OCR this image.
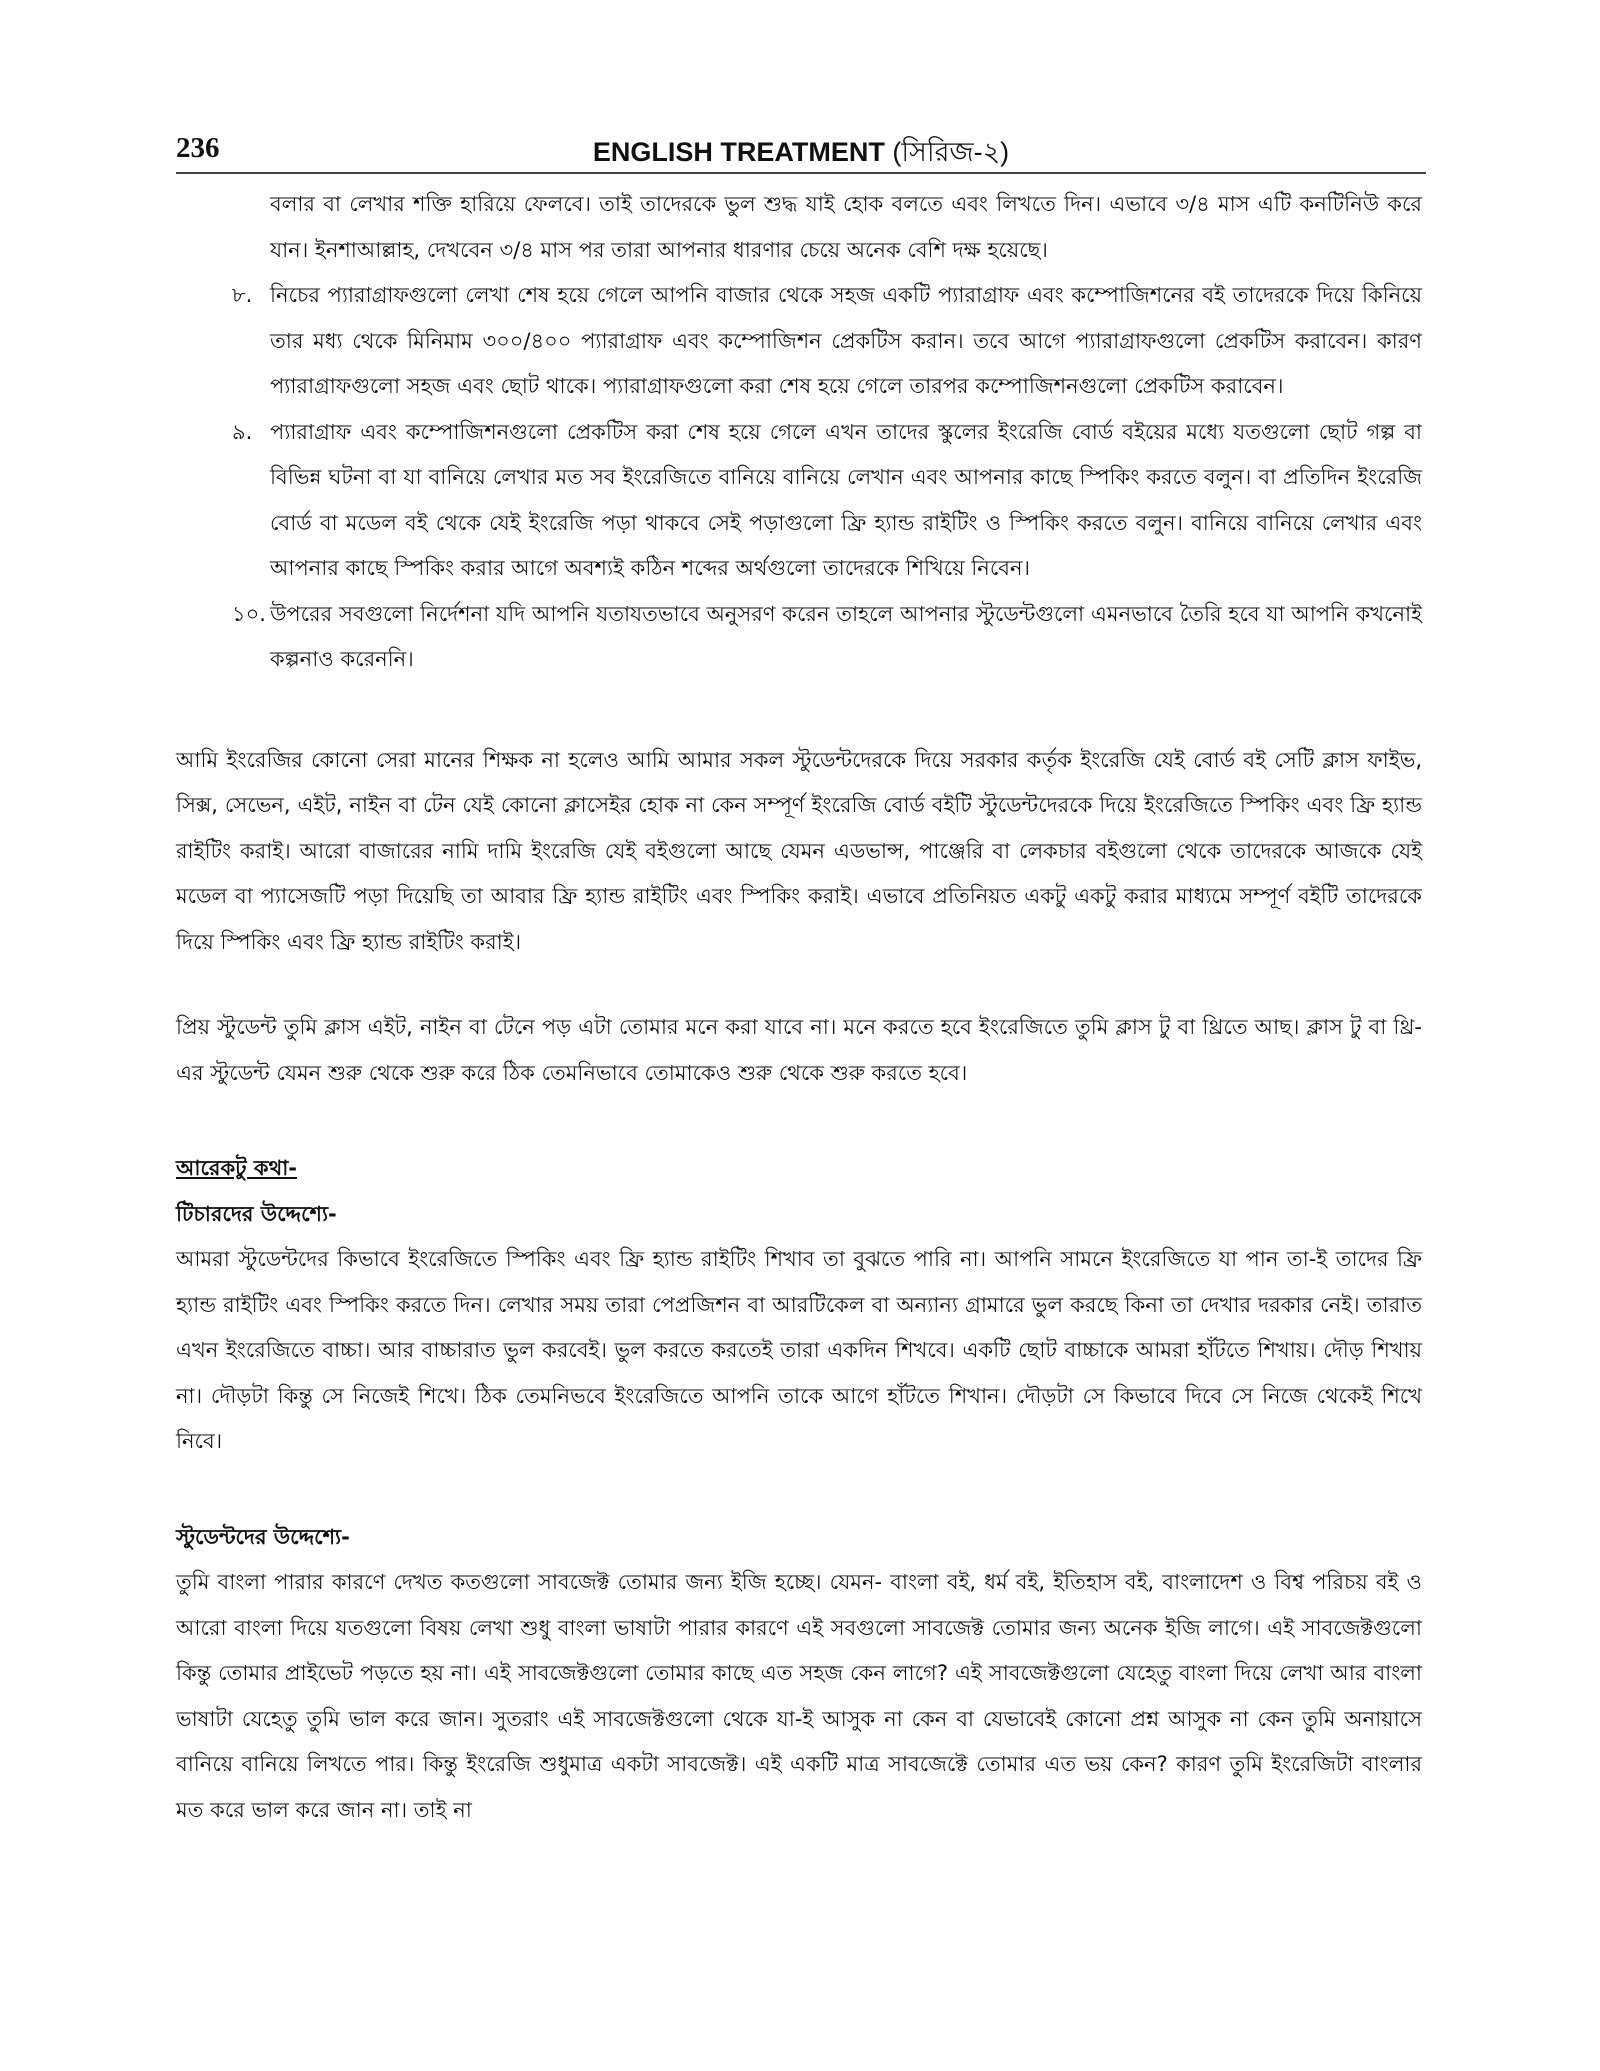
236	ENGLISH TREATMENT (সিরিজ-২)

বলার বা লেখার শক্তি হারিয়ে ফেলবে। তাই তাদেরকে ভুল শুদ্ধ যাই হোক বলতে এবং লিখতে দিন। এভাবে ৩/৪ মাস এটি কনটিনিউ করে যান। ইনশাআল্লাহ, দেখবেন ৩/৪ মাস পর তারা আপনার ধারণার চেয়ে অনেক বেশি দক্ষ হয়েছে।

৮. নিচের প্যারাগ্রাফগুলো লেখা শেষ হয়ে গেলে আপনি বাজার থেকে সহজ একটি প্যারাগ্রাফ এবং কম্পোজিশনের বই তাদেরকে দিয়ে কিনিয়ে তার মধ্য থেকে মিনিমাম ৩০০/৪০০ প্যারাগ্রাফ এবং কম্পোজিশন প্রেকটিস করান। তবে আগে প্যারাগ্রাফগুলো প্রেকটিস করাবেন। কারণ প্যারাগ্রাফগুলো সহজ এবং ছোট থাকে। প্যারাগ্রাফগুলো করা শেষ হয়ে গেলে তারপর কম্পোজিশনগুলো প্রেকটিস করাবেন।
৯. প্যারাগ্রাফ এবং কম্পোজিশনগুলো প্রেকটিস করা শেষ হয়ে গেলে এখন তাদের স্কুলের ইংরেজি বোর্ড বইয়ের মধ্যে যতগুলো ছোট গল্প বা বিভিন্ন ঘটনা বা যা বানিয়ে লেখার মত সব ইংরেজিতে বানিয়ে বানিয়ে লেখান এবং আপনার কাছে স্পিকিং করতে বলুন। বা প্রতিদিন ইংরেজি বোর্ড বা মডেল বই থেকে যেই ইংরেজি পড়া থাকবে সেই পড়াগুলো ফ্রি হ্যান্ড রাইটিং ও স্পিকিং করতে বলুন। বানিয়ে বানিয়ে লেখার এবং আপনার কাছে স্পিকিং করার আগে অবশ্যই কঠিন শব্দের অর্থগুলো তাদেরকে শিখিয়ে নিবেন।
১০. উপরের সবগুলো নির্দেশনা যদি আপনি যতাযতভাবে অনুসরণ করেন তাহলে আপনার স্টুডেন্টগুলো এমনভাবে তৈরি হবে যা আপনি কখনোই কল্পনাও করেননি।

আমি ইংরেজির কোনো সেরা মানের শিক্ষক না হলেও আমি আমার সকল স্টুডেন্টদেরকে দিয়ে সরকার কর্তৃক ইংরেজি যেই বোর্ড বই সেটি ক্লাস ফাইভ, সিক্স, সেভেন, এইট, নাইন বা টেন যেই কোনো ক্লাসেইর হোক না কেন সম্পূর্ণ ইংরেজি বোর্ড বইটি স্টুডেন্টদেরকে দিয়ে ইংরেজিতে স্পিকিং এবং ফ্রি হ্যান্ড রাইটিং করাই। আরো বাজারের নামি দামি ইংরেজি যেই বইগুলো আছে যেমন এডভান্স, পাঞ্জেরি বা লেকচার বইগুলো থেকে তাদেরকে আজকে যেই মডেল বা প্যাসেজটি পড়া দিয়েছি তা আবার ফ্রি হ্যান্ড রাইটিং এবং স্পিকিং করাই। এভাবে প্রতিনিয়ত একটু একটু করার মাধ্যমে সম্পূর্ণ বইটি তাদেরকে দিয়ে স্পিকিং এবং ফ্রি হ্যান্ড রাইটিং করাই।

প্রিয় স্টুডেন্ট তুমি ক্লাস এইট, নাইন বা টেনে পড় এটা তোমার মনে করা যাবে না। মনে করতে হবে ইংরেজিতে তুমি ক্লাস টু বা থ্রিতে আছ। ক্লাস টু বা থ্রি-এর স্টুডেন্ট যেমন শুরু থেকে শুরু করে ঠিক তেমনিভাবে তোমাকেও শুরু থেকে শুরু করতে হবে।

আরেকটু কথা-
টিচারদের উদ্দেশ্যে-

আমরা স্টুডেন্টদের কিভাবে ইংরেজিতে স্পিকিং এবং ফ্রি হ্যান্ড রাইটিং শিখাব তা বুঝতে পারি না। আপনি সামনে ইংরেজিতে যা পান তা-ই তাদের ফ্রি হ্যান্ড রাইটিং এবং স্পিকিং করতে দিন। লেখার সময় তারা পেপ্রজিশন বা আরটিকেল বা অন্যান্য গ্রামারে ভুল করছে কিনা তা দেখার দরকার নেই। তারাত এখন ইংরেজিতে বাচ্চা। আর বাচ্চারাত ভুল করবেই। ভুল করতে করতেই তারা একদিন শিখবে। একটি ছোট বাচ্চাকে আমরা হাঁটতে শিখায়। দৌড় শিখায় না। দৌড়টা কিন্তু সে নিজেই শিখে। ঠিক তেমনিভবে ইংরেজিতে আপনি তাকে আগে হাঁটতে শিখান। দৌড়টা সে কিভাবে দিবে সে নিজে থেকেই শিখে নিবে।

স্টুডেন্টদের উদ্দেশ্যে-

তুমি বাংলা পারার কারণে দেখত কতগুলো সাবজেক্ট তোমার জন্য ইজি হচ্ছে। যেমন- বাংলা বই, ধর্ম বই, ইতিহাস বই, বাংলাদেশ ও বিশ্ব পরিচয় বই ও আরো বাংলা দিয়ে যতগুলো বিষয় লেখা শুধু বাংলা ভাষাটা পারার কারণে এই সবগুলো সাবজেক্ট তোমার জন্য অনেক ইজি লাগে। এই সাবজেক্টগুলো কিন্তু তোমার প্রাইভেট পড়তে হয় না। এই সাবজেক্টগুলো তোমার কাছে এত সহজ কেন লাগে? এই সাবজেক্টগুলো যেহেতু বাংলা দিয়ে লেখা আর বাংলা ভাষাটা যেহেতু তুমি ভাল করে জান। সুতরাং এই সাবজেক্টগুলো থেকে যা-ই আসুক না কেন বা যেভাবেই কোনো প্রশ্ন আসুক না কেন তুমি অনায়াসে বানিয়ে বানিয়ে লিখতে পার। কিন্তু ইংরেজি শুধুমাত্র একটা সাবজেক্ট। এই একটি মাত্র সাবজেক্টে তোমার এত ভয় কেন? কারণ তুমি ইংরেজিটা বাংলার মত করে ভাল করে জান না। তাই না
